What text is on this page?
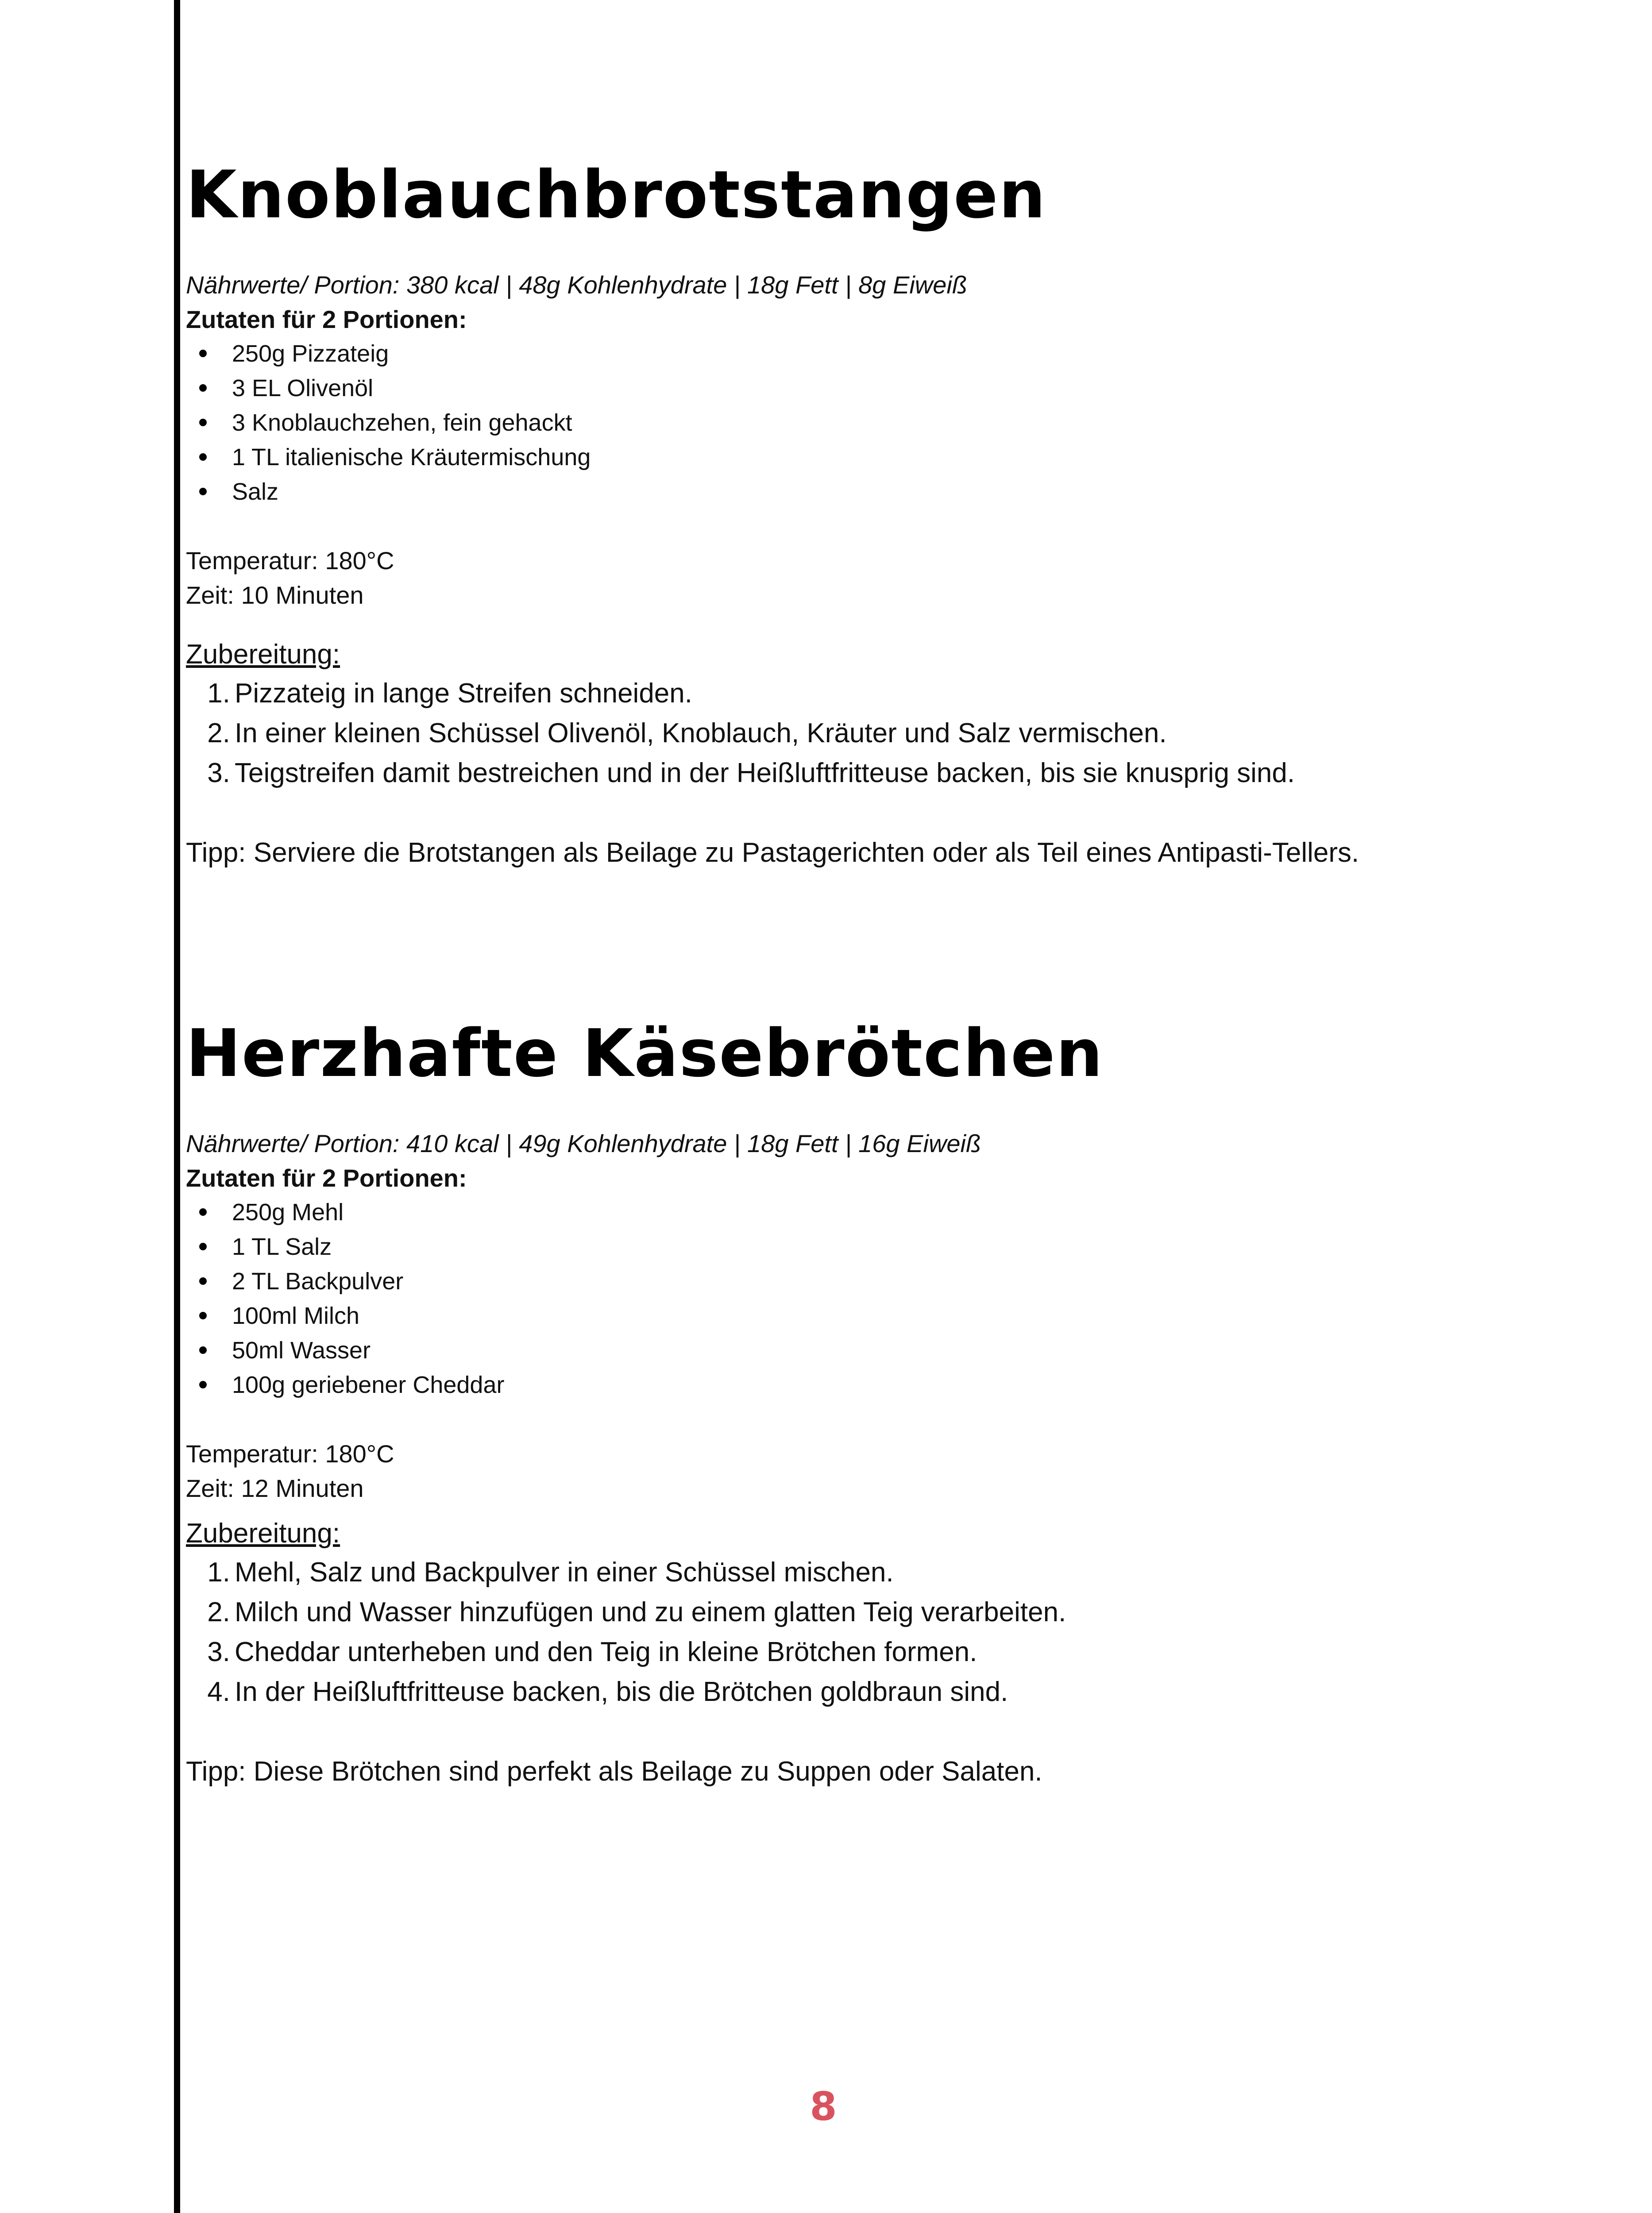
Knoblauchbrotstangen

Nährwerte/ Portion: 380 kcal | 48g Kohlenhydrate | 18g Fett | 8g Eiweiß

Zutaten für 2 Portionen:

250g Pizzateig
3 EL Olivenöl
3 Knoblauchzehen, fein gehackt
1 TL italienische Kräutermischung
Salz

Temperatur: 180°C

Zeit: 10 Minuten

Zubereitung:

1. Pizzateig in lange Streifen schneiden.
2. In einer kleinen Schüssel Olivenöl, Knoblauch, Kräuter und Salz vermischen.
3. Teigstreifen damit bestreichen und in der Heißluftfritteuse backen, bis sie knusprig sind.

Tipp: Serviere die Brotstangen als Beilage zu Pastagerichten oder als Teil eines Antipasti-Tellers.

Herzhafte Käsebrötchen

Nährwerte/ Portion: 410 kcal | 49g Kohlenhydrate | 18g Fett | 16g Eiweiß

Zutaten für 2 Portionen:

250g Mehl
1 TL Salz
2 TL Backpulver
100ml Milch
50ml Wasser
100g geriebener Cheddar

Temperatur: 180°C

Zeit: 12 Minuten

Zubereitung:

1. Mehl, Salz und Backpulver in einer Schüssel mischen.
2. Milch und Wasser hinzufügen und zu einem glatten Teig verarbeiten.
3. Cheddar unterheben und den Teig in kleine Brötchen formen.
4. In der Heißluftfritteuse backen, bis die Brötchen goldbraun sind.

Tipp: Diese Brötchen sind perfekt als Beilage zu Suppen oder Salaten.

8
